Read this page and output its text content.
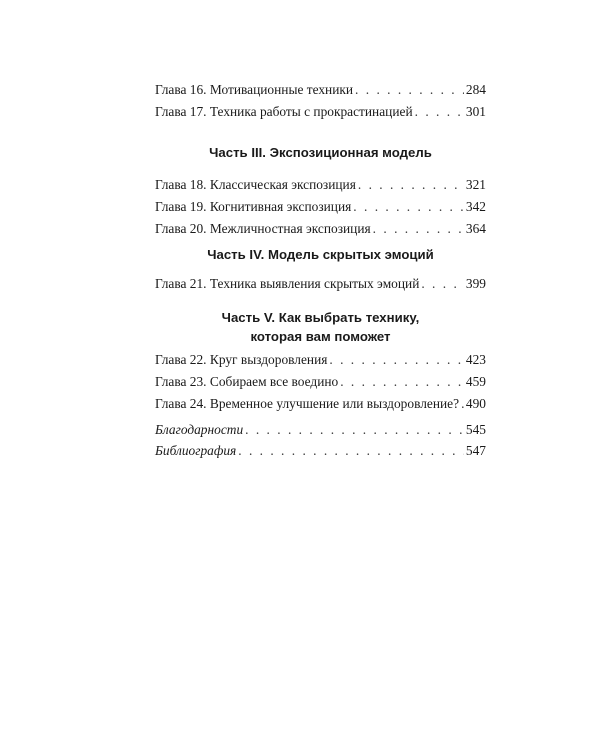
Глава 16. Мотивационные техники . . .	284
Глава 17. Техника работы с прокрастинацией . . .	301
Часть III. Экспозиционная модель
Глава 18. Классическая экспозиция . . .	321
Глава 19. Когнитивная экспозиция . . .	342
Глава 20. Межличностная экспозиция . . .	364
Часть IV. Модель скрытых эмоций
Глава 21. Техника выявления скрытых эмоций . . .	399
Часть V. Как выбрать технику,
которая вам поможет
Глава 22. Круг выздоровления . . .	423
Глава 23. Собираем все воедино . . .	459
Глава 24. Временное улучшение или выздоровление? . . . 490
Благодарности . . .	545
Библиография . . .	547
